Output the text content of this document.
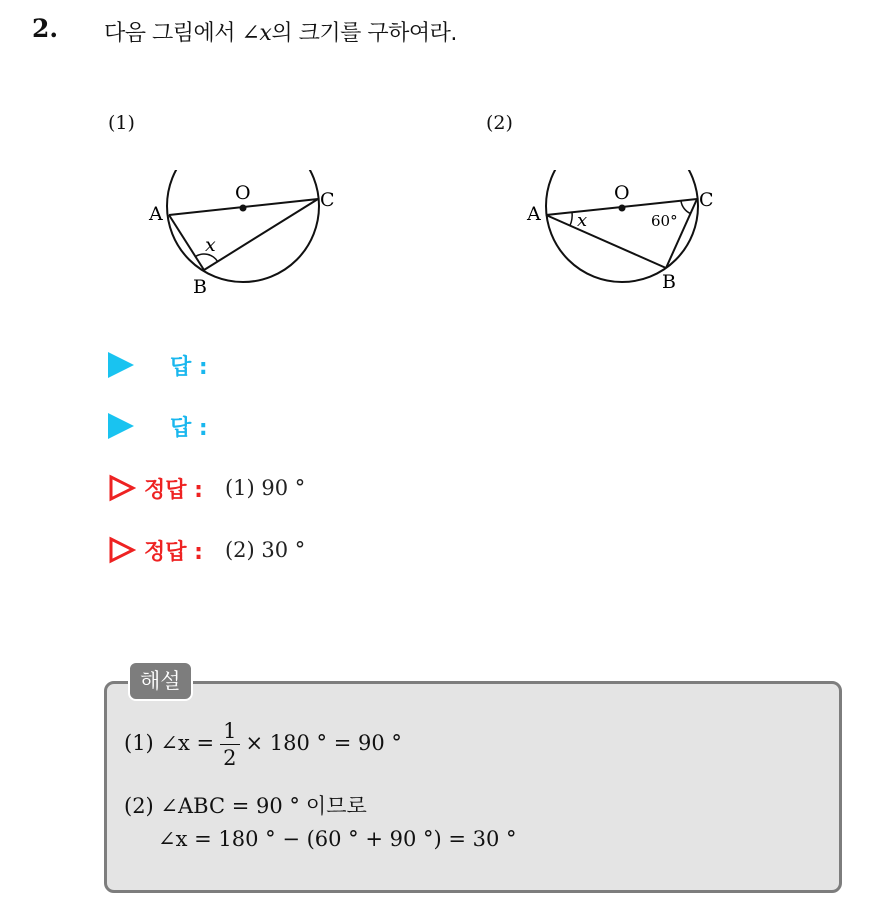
2. 다음 그림에서 ∠x의 크기를 구하여라.
(1)
O
A
B
C
x
(2)
O
A
B
C
x	60°
답 :
답 :
정답 : (1) 90 °
정답 : (2) 30 °
해설
(1) ∠x = $\frac{1}{2} \times 180$ ° = 90 °
(2) ∠ABC = 90 ° 이므로
∠x = 180 ° − (60 ° + 90 °) = 30 °
